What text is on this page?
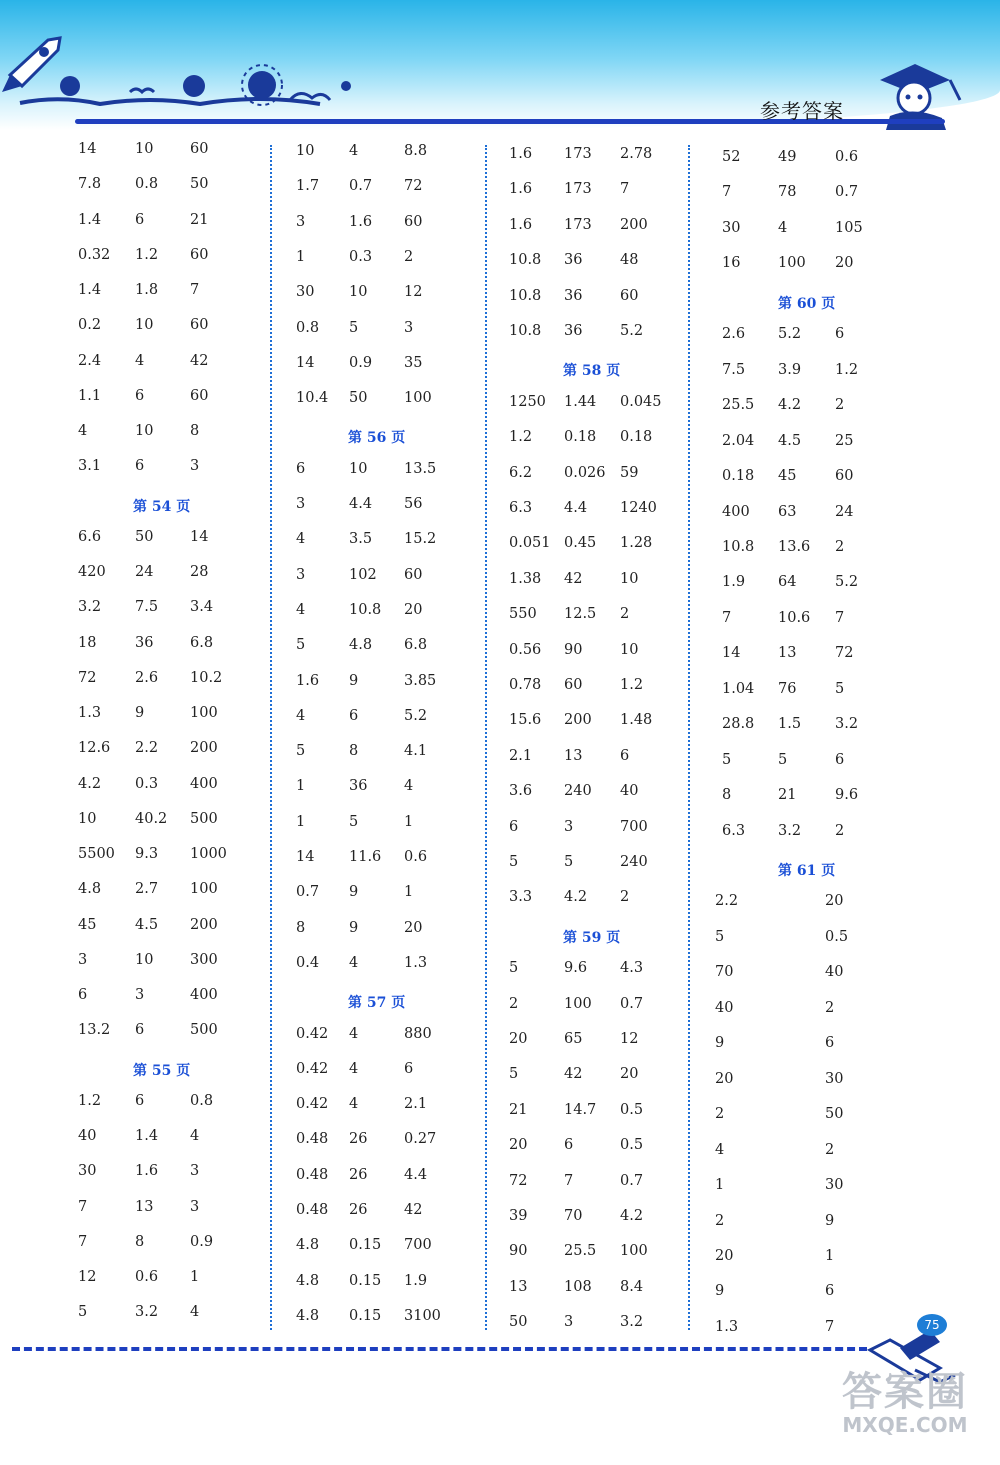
参考答案
14	10	60
7.8 0.8 50
1.4 6	21
0.32 1.2 60
1.4 1.8 7
0.2 10	60
2.4 4	42
1.1 6	60
4	10	8
3.1 6	3
第 54 页
6.6 50	14
420 24	28
3.2 7.5 3.4
18	36	6.8
72	2.6 10.2
1.3 9	100
12.6 2.2 200
4.2 0.3 400
10	40.2 500
5500 9.3 1000
4.8 2.7 100
45	4.5 200
3	10	300
6	3	400
13.2 6	500
第 55 页
1.2 6	0.8
40	1.4 4
30	1.6 3
7	13	3
7	8	0.9
12	0.6 1
5	3.2 4
10 4	8.8
1.7 0.7 72
3	1.6 60
1	0.3 2
30 10	12
0.8 5	3
14 0.9 35
10.4 50	100
第 56 页
6	10	13.5
3	4.4 56
4	3.5 15.2
3	102 60
4	10.8 20
5	4.8 6.8
1.6 9	3.85
4	6	5.2
5	8	4.1
1	36	4
1	5	1
14 11.6 0.6
0.7 9	1
8	9	20
0.4 4	1.3
第 57 页
0.42 4	880
0.42 4	6
0.42 4	2.1
0.48 26	0.27
0.48 26	4.4
0.48 26	42
4.8 0.15 700
4.8 0.15 1.9
4.8 0.15 3100
1.6 173 2.78
1.6 173 7
1.6 173 200
10.8 36	48
10.8 36	60
10.8 36	5.2
第 58 页
1250 1.44 0.045
1.2 0.18 0.18
6.2 0.026 59
6.3 4.4 1240
0.051 0.45 1.28
1.38 42	10
550 12.5 2
0.56 90	10
0.78 60	1.2
15.6 200 1.48
2.1 13	6
3.6 240 40
6	3	700
5	5	240
3.3 4.2 2
第 59 页
5	9.6 4.3
2	100 0.7
20	65	12
5	42	20
21	14.7 0.5
20	6	0.5
72	7	0.7
39	70	4.2
90	25.5 100
13	108 8.4
50	3	3.2
52	49	0.6
7	78	0.7
30	4	105
16	100 20
第 60 页
2.6 5.2 6
7.5 3.9 1.2
25.5 4.2 2
2.04 4.5 25
0.18 45	60
400 63	24
10.8 13.6 2
1.9 64	5.2
7	10.6 7
14	13	72
1.04 76	5
28.8 1.5 3.2
5	5	6
8	21	9.6
6.3 3.2 2
第 61 页
2.2	20
5	0.5
70	40
40	2
9	6
20	30
2	50
4	2
1	30
2	9
20	1
9	6
1.3	7	75
答案圈
MXQE.COM
